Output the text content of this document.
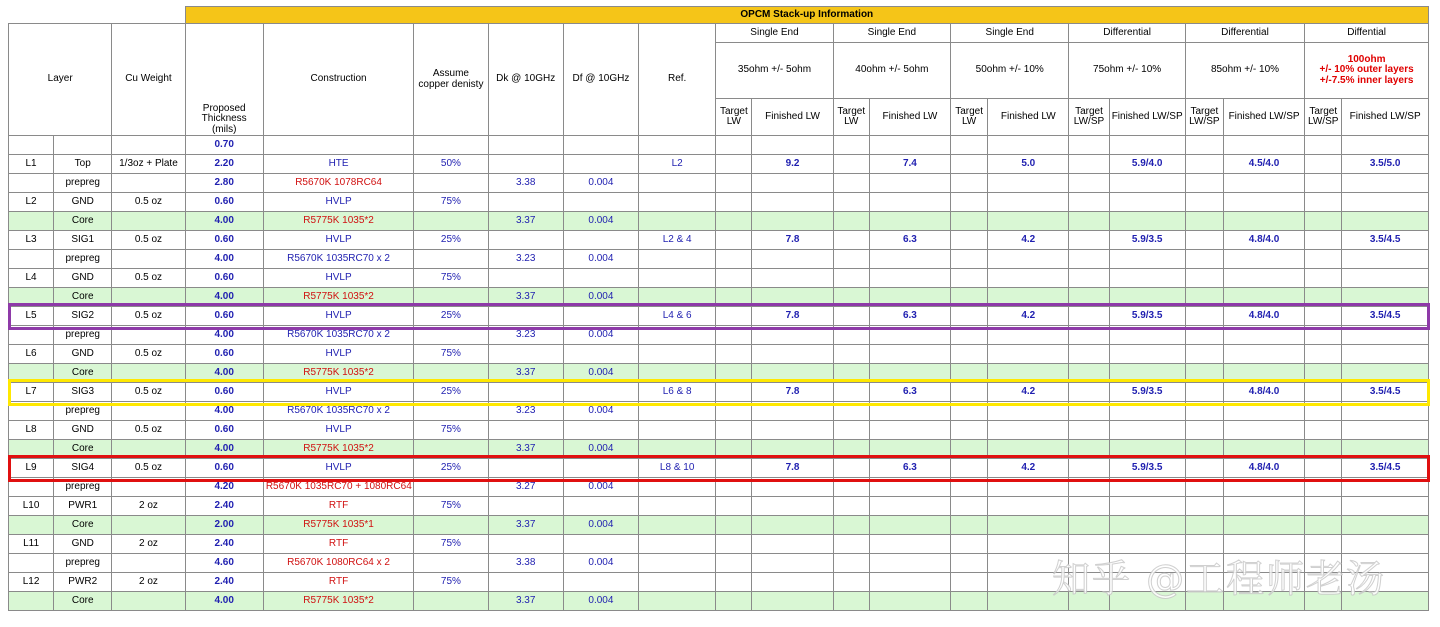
			OPCM Stack-up Information																	
Layer		Cu Weight	Proposed
Thickness
(mils)	Construction	Assume copper denisty	Dk @ 10GHz	Df @ 10GHz	Ref.	Single End		Single End		Single End		Differential		Differential		Diffential	
									35ohm +/- 5ohm		40ohm +/- 5ohm		50ohm +/- 10%		75ohm +/- 10%		85ohm +/- 10%		100ohm
+/- 10% outer layers
+/-7.5% inner layers	
									Target LW	Finished LW	Target LW	Finished LW	Target LW	Finished LW	Target LW/SP	Finished LW/SP	Target LW/SP	Finished LW/SP	Target LW/SP	Finished LW/SP
			0.70																	
L1	Top	1/3oz + Plate	2.20	HTE	50%			L2		9.2		7.4		5.0		5.9/4.0		4.5/4.0		3.5/5.0
	prepreg		2.80	R5670K 1078RC64		3.38	0.004													
L2	GND	0.5 oz	0.60	HVLP	75%															
	Core		4.00	R5775K 1035*2		3.37	0.004													
L3	SIG1	0.5 oz	0.60	HVLP	25%			L2 & 4		7.8		6.3		4.2		5.9/3.5		4.8/4.0		3.5/4.5
	prepreg		4.00	R5670K 1035RC70 x 2		3.23	0.004													
L4	GND	0.5 oz	0.60	HVLP	75%															
	Core		4.00	R5775K 1035*2		3.37	0.004													
L5	SIG2	0.5 oz	0.60	HVLP	25%			L4 & 6		7.8		6.3		4.2		5.9/3.5		4.8/4.0		3.5/4.5
	prepreg		4.00	R5670K 1035RC70 x 2		3.23	0.004													
L6	GND	0.5 oz	0.60	HVLP	75%															
	Core		4.00	R5775K 1035*2		3.37	0.004													
L7	SIG3	0.5 oz	0.60	HVLP	25%			L6 & 8		7.8		6.3		4.2		5.9/3.5		4.8/4.0		3.5/4.5
	prepreg		4.00	R5670K 1035RC70 x 2		3.23	0.004													
L8	GND	0.5 oz	0.60	HVLP	75%															
	Core		4.00	R5775K 1035*2		3.37	0.004													
L9	SIG4	0.5 oz	0.60	HVLP	25%			L8 & 10		7.8		6.3		4.2		5.9/3.5		4.8/4.0		3.5/4.5
	prepreg		4.20	R5670K 1035RC70 + 1080RC64		3.27	0.004													
L10	PWR1	2 oz	2.40	RTF	75%															
	Core		2.00	R5775K 1035*1		3.37	0.004													
L11	GND	2 oz	2.40	RTF	75%															
	prepreg		4.60	R5670K 1080RC64 x 2		3.38	0.004													
L12	PWR2	2 oz	2.40	RTF	75%															
	Core		4.00	R5775K 1035*2		3.37	0.004														知乎 @工程师老汤
